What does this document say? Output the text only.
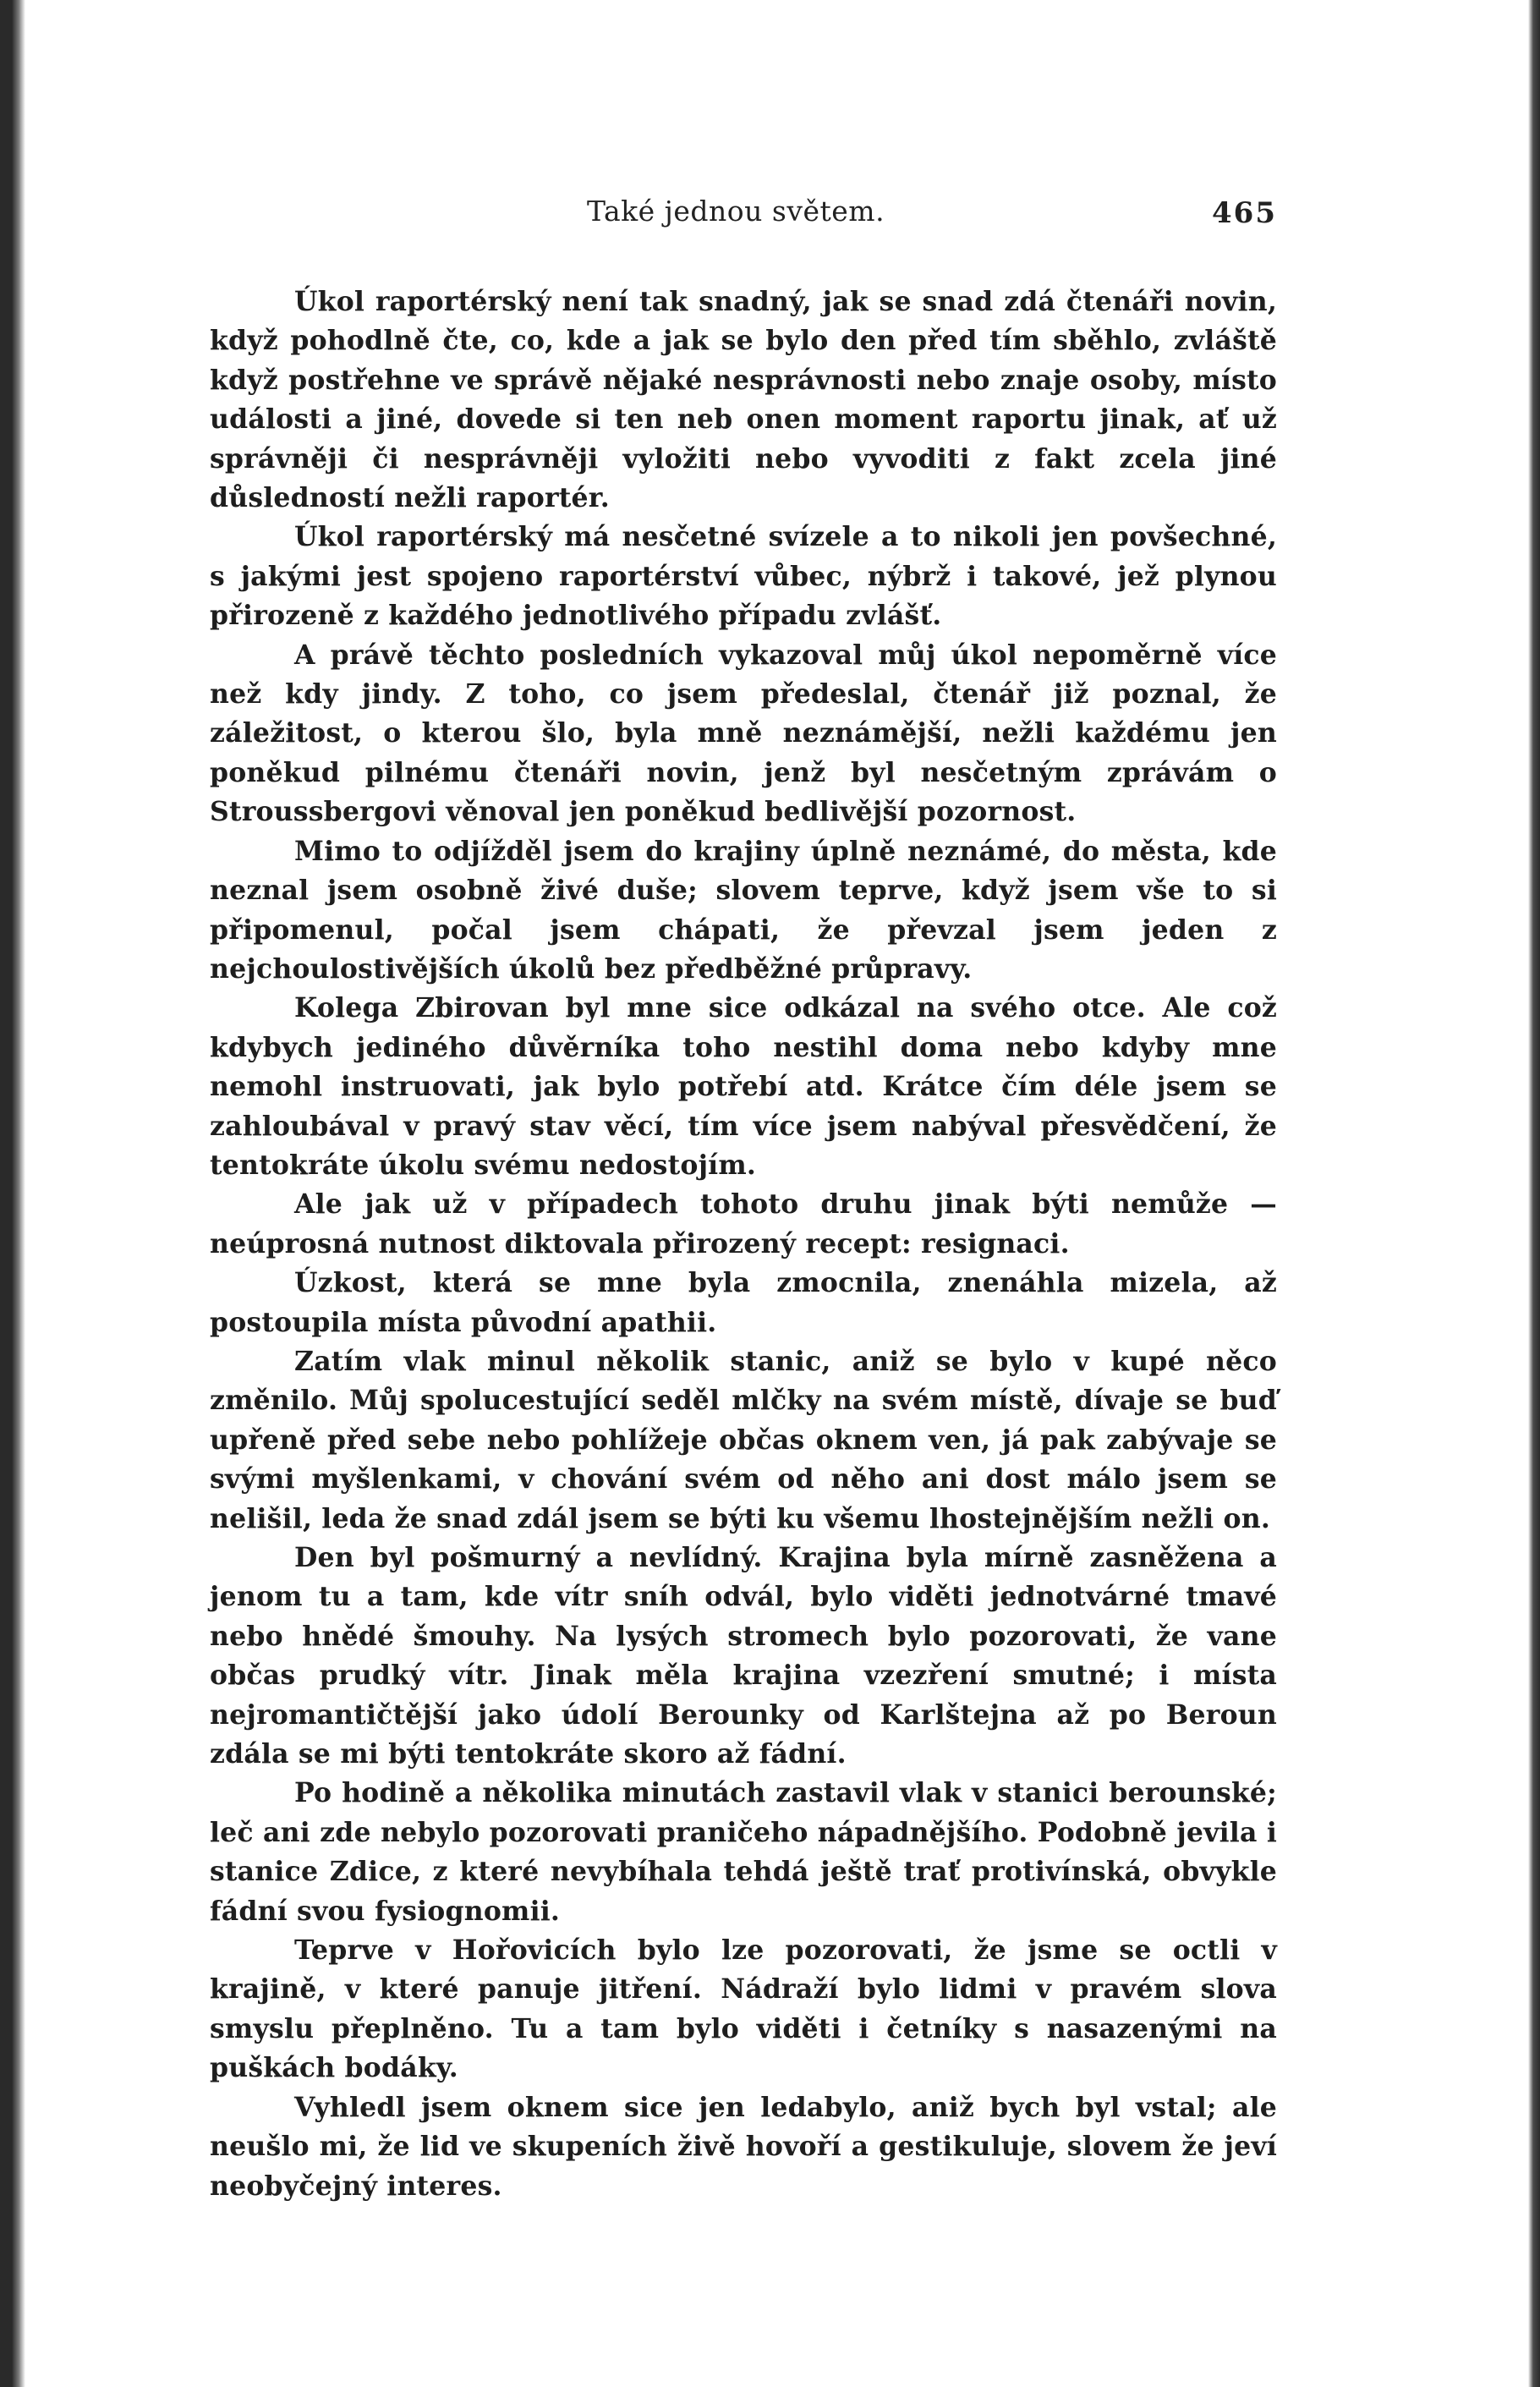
Také jednou světem.	465

Úkol raportérský není tak snadný, jak se snad zdá čtenáři novin, když pohodlně čte, co, kde a jak se bylo den před tím sběhlo, zvláště když postřehne ve správě nějaké nesprávnosti nebo znaje osoby, místo události a jiné, dovede si ten neb onen moment raportu jinak, ať už správněji či nesprávněji vyložiti nebo vyvoditi z fakt zcela jiné důsledností nežli raportér.

Úkol raportérský má nesčetné svízele a to nikoli jen povšechné, s jakými jest spojeno raportérství vůbec, nýbrž i takové, jež plynou přirozeně z každého jednotlivého případu zvlášť.

A právě těchto posledních vykazoval můj úkol nepoměrně více než kdy jindy. Z toho, co jsem předeslal, čtenář již poznal, že záležitost, o kterou šlo, byla mně neznámější, nežli každému jen poněkud pilnému čtenáři novin, jenž byl nesčetným zprávám o Stroussbergovi věnoval jen poněkud bedlivější pozornost.

Mimo to odjížděl jsem do krajiny úplně neznámé, do města, kde neznal jsem osobně živé duše; slovem teprve, když jsem vše to si připomenul, počal jsem chápati, že převzal jsem jeden z nejchoulostivějších úkolů bez předběžné průpravy.

Kolega Zbirovan byl mne sice odkázal na svého otce. Ale což kdybych jediného důvěrníka toho nestihl doma nebo kdyby mne nemohl instruovati, jak bylo potřebí atd. Krátce čím déle jsem se zahloubával v pravý stav věcí, tím více jsem nabýval přesvědčení, že tentokráte úkolu svému nedostojím.

Ale jak už v případech tohoto druhu jinak býti nemůže — neúprosná nutnost diktovala přirozený recept: resignaci.

Úzkost, která se mne byla zmocnila, znenáhla mizela, až postoupila místa původní apathii.

Zatím vlak minul několik stanic, aniž se bylo v kupé něco změnilo. Můj spolucestující seděl mlčky na svém místě, dívaje se buď upřeně před sebe nebo pohlížeje občas oknem ven, já pak zabývaje se svými myšlenkami, v chování svém od něho ani dost málo jsem se nelišil, leda že snad zdál jsem se býti ku všemu lhostejnějším nežli on.

Den byl pošmurný a nevlídný. Krajina byla mírně zasněžena a jenom tu a tam, kde vítr sníh odvál, bylo viděti jednotvárné tmavé nebo hnědé šmouhy. Na lysých stromech bylo pozorovati, že vane občas prudký vítr. Jinak měla krajina vzezření smutné; i místa nejromantičtější jako údolí Berounky od Karlštejna až po Beroun zdála se mi býti tentokráte skoro až fádní.

Po hodině a několika minutách zastavil vlak v stanici berounské; leč ani zde nebylo pozorovati praničeho nápadnějšího. Podobně jevila i stanice Zdice, z které nevybíhala tehdá ještě trať protivínská, obvykle fádní svou fysiognomii.

Teprve v Hořovicích bylo lze pozorovati, že jsme se octli v krajině, v které panuje jitření. Nádraží bylo lidmi v pravém slova smyslu přeplněno. Tu a tam bylo viděti i četníky s nasazenými na puškách bodáky.

Vyhledl jsem oknem sice jen ledabylo, aniž bych byl vstal; ale neušlo mi, že lid ve skupeních živě hovoří a gestikuluje, slovem že jeví neobyčejný interes.
